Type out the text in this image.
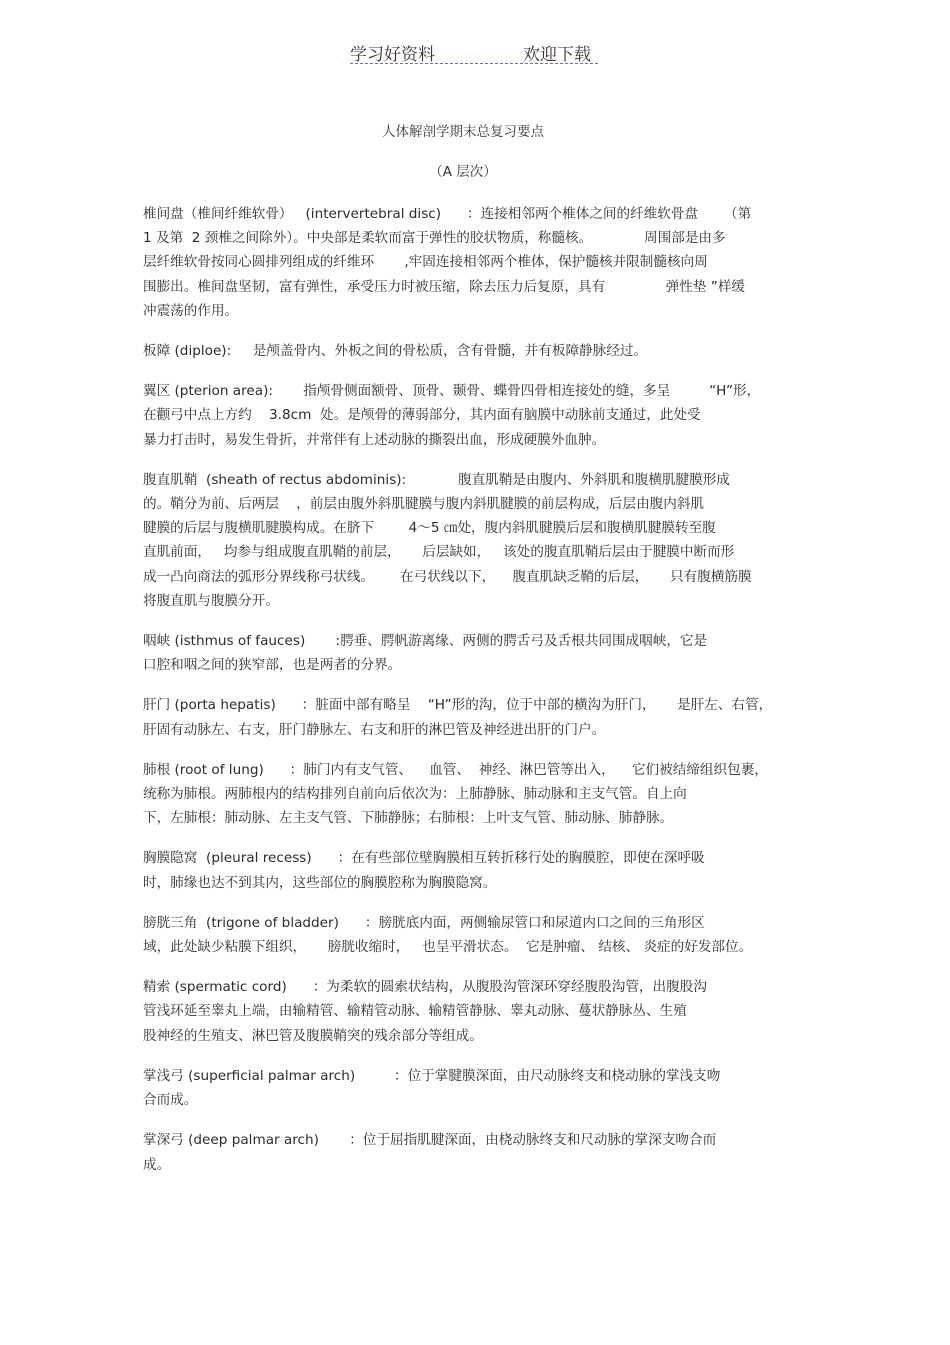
学习好资料	欢迎下载
人体解剖学期末总复习要点
（A 层次）

椎间盘（椎间纤维软骨）   (intervertebral disc)      ：连接相邻两个椎体之间的纤维软骨盘      （第
1 及第  2 颈椎之间除外）。中央部是柔软而富于弹性的胶状物质，称髓核。            周围部是由多
层纤维软骨按同心圆排列组成的纤维环       ,牢固连接相邻两个椎体，保护髓核并限制髓核向周
围膨出。椎间盘坚韧，富有弹性，承受压力时被压缩，除去压力后复原，具有              弹性垫 ”样缓
冲震荡的作用。

板障 (diploe):     是颅盖骨内、外板之间的骨松质，含有骨髓，并有板障静脉经过。

翼区 (pterion area):       指颅骨侧面额骨、顶骨、颞骨、蝶骨四骨相连接处的缝，多呈         “H”形，
在颧弓中点上方约    3.8cm  处。是颅骨的薄弱部分，其内面有脑膜中动脉前支通过，此处受
暴力打击时，易发生骨折，并常伴有上述动脉的撕裂出血，形成硬膜外血肿。

腹直肌鞘  (sheath of rectus abdominis):            腹直肌鞘是由腹内、外斜肌和腹横肌腱膜形成
的。鞘分为前、后两层    ，前层由腹外斜肌腱膜与腹内斜肌腱膜的前层构成，后层由腹内斜肌
腱膜的后层与腹横肌腱膜构成。在脐下        4～5 ㎝处，腹内斜肌腱膜后层和腹横肌腱膜转至腹
直肌前面，   均参与组成腹直肌鞘的前层，     后层缺如，   该处的腹直肌鞘后层由于腱膜中断而形
成一凸向商法的弧形分界线称弓状线。      在弓状线以下，    腹直肌缺乏鞘的后层，     只有腹横筋膜
将腹直肌与腹膜分开。

咽峡 (isthmus of fauces)       :腭垂、腭帆游离缘、两侧的腭舌弓及舌根共同围成咽峡，它是
口腔和咽之间的狭窄部，也是两者的分界。

肝门 (porta hepatis)      ：脏面中部有略呈    “H”形的沟，位于中部的横沟为肝门，     是肝左、右管，
肝固有动脉左、右支，肝门静脉左、右支和肝的淋巴管及神经进出肝的门户。

肺根 (root of lung)      ：肺门内有支气管、    血管、  神经、淋巴管等出入，    它们被结缔组织包裹，
统称为肺根。两肺根内的结构排列自前向后依次为：上肺静脉、肺动脉和主支气管。自上向
下，左肺根：肺动脉、左主支气管、下肺静脉；右肺根：上叶支气管、肺动脉、肺静脉。

胸膜隐窝  (pleural recess)      ：在有些部位壁胸膜相互转折移行处的胸膜腔，即使在深呼吸
时，肺缘也达不到其内，这些部位的胸膜腔称为胸膜隐窝。

膀胱三角  (trigone of bladder)      ：膀胱底内面，两侧输尿管口和尿道内口之间的三角形区
域，此处缺少粘膜下组织，     膀胱收缩时，   也呈平滑状态。  它是肿瘤、 结核、 炎症的好发部位。

精索 (spermatic cord)      ：为柔软的圆索状结构，从腹股沟管深环穿经腹股沟管，出腹股沟
管浅环延至睾丸上端，由输精管、输精管动脉、输精管静脉、睾丸动脉、蔓状静脉丛、生殖
股神经的生殖支、淋巴管及腹膜鞘突的残余部分等组成。

掌浅弓 (superficial palmar arch)         ：位于掌腱膜深面，由尺动脉终支和桡动脉的掌浅支吻
合而成。

掌深弓 (deep palmar arch)       ：位于屈指肌腱深面，由桡动脉终支和尺动脉的掌深支吻合而
成。
